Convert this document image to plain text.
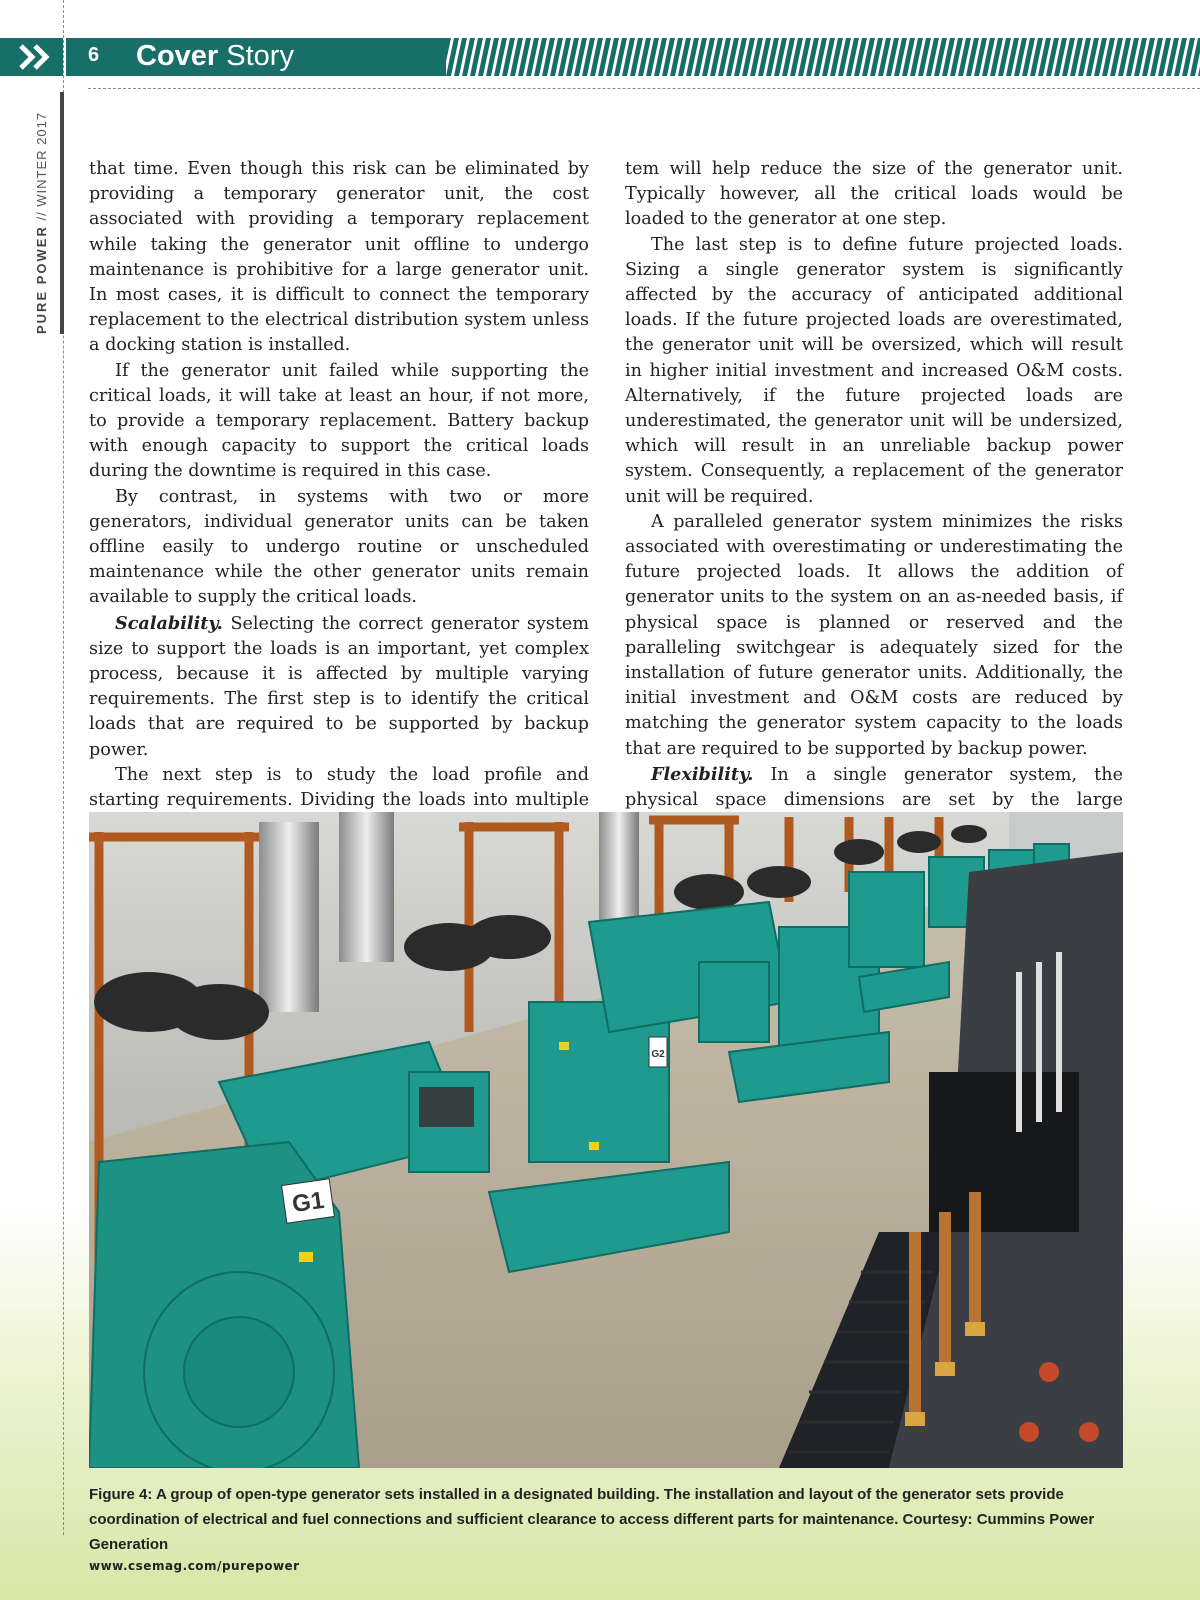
6 Cover Story
PURE POWER // WINTER 2017 that time. Even though this risk can be eliminated by providing a temporary generator unit, the cost associated with providing a temporary replacement while taking the generator unit offline to undergo maintenance is prohibitive for a large generator unit. In most cases, it is difficult to connect the temporary replacement to the electrical distribution system unless a docking station is installed.

If the generator unit failed while supporting the critical loads, it will take at least an hour, if not more, to provide a temporary replacement. Battery backup with enough capacity to support the critical loads during the downtime is required in this case.

By contrast, in systems with two or more generators, individual generator units can be taken offline easily to undergo routine or unscheduled maintenance while the other generator units remain available to supply the critical loads.

Scalability. Selecting the correct generator system size to support the loads is an important, yet complex process, because it is affected by multiple varying requirements. The first step is to identify the critical loads that are required to be supported by backup power.

The next step is to study the load profile and starting requirements. Dividing the loads into multiple

tem will help reduce the size of the generator unit. Typically however, all the critical loads would be loaded to the generator at one step.

The last step is to define future projected loads. Sizing a single generator system is significantly affected by the accuracy of anticipated additional loads. If the future projected loads are overestimated, the generator unit will be oversized, which will result in higher initial investment and increased O&M costs. Alternatively, if the future projected loads are underestimated, the generator unit will be undersized, which will result in an unreliable backup power system. Consequently, a replacement of the generator unit will be required.

A paralleled generator system minimizes the risks associated with overestimating or underestimating the future projected loads. It allows the addition of generator units to the system on an as-needed basis, if physical space is planned or reserved and the paralleling switchgear is adequately sized for the installation of future generator units. Additionally, the initial investment and O&M costs are reduced by matching the generator system capacity to the loads that are required to be supported by backup power.

Flexibility. In a single generator system, the physical space dimensions are set by the large

G1
G2
Figure 4: A group of open-type generator sets installed in a designated building. The installation and layout of the generator sets provide coordination of electrical and fuel connections and sufficient clearance to access different parts for maintenance. Courtesy: Cummins Power Generation
www.csemag.com/purepower
